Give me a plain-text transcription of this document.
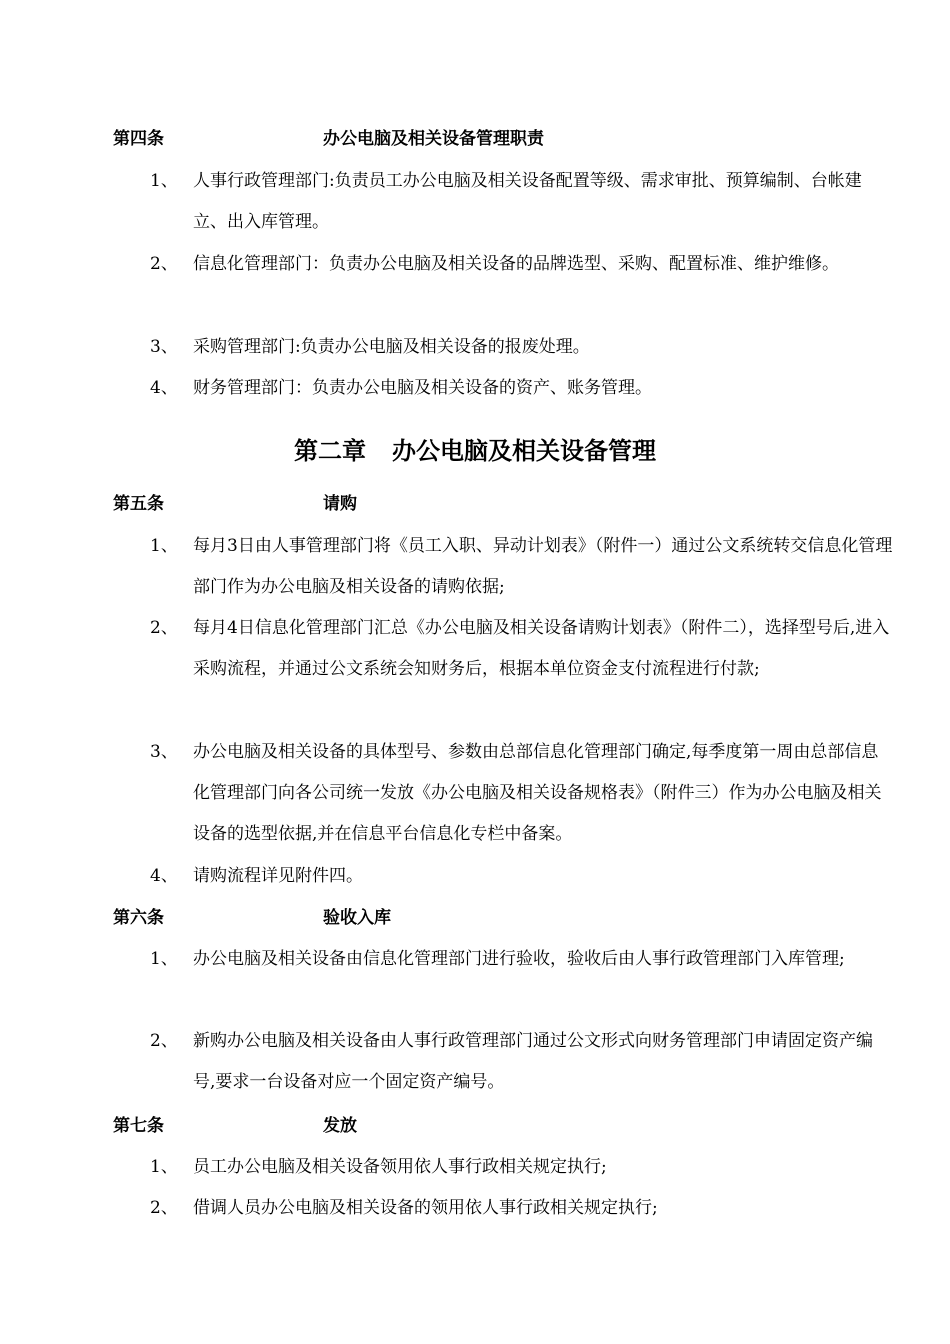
第四条	办公电脑及相关设备管理职责
1、 人事行政管理部门:负责员工办公电脑及相关设备配置等级、需求审批、预算编制、台帐建立、出入库管理。
2、 信息化管理部门：负责办公电脑及相关设备的品牌选型、采购、配置标准、维护维修。
3、 采购管理部门:负责办公电脑及相关设备的报废处理。
4、 财务管理部门：负责办公电脑及相关设备的资产、账务管理。
第二章 办公电脑及相关设备管理
第五条	请购
1、 每月3日由人事管理部门将《员工入职、异动计划表》（附件一）通过公文系统转交信息化管理部门作为办公电脑及相关设备的请购依据;
2、 每月4日信息化管理部门汇总《办公电脑及相关设备请购计划表》（附件二），选择型号后,进入采购流程，并通过公文系统会知财务后，根据本单位资金支付流程进行付款;
3、 办公电脑及相关设备的具体型号、参数由总部信息化管理部门确定,每季度第一周由总部信息化管理部门向各公司统一发放《办公电脑及相关设备规格表》（附件三）作为办公电脑及相关设备的选型依据,并在信息平台信息化专栏中备案。
4、 请购流程详见附件四。
第六条	验收入库
1、 办公电脑及相关设备由信息化管理部门进行验收，验收后由人事行政管理部门入库管理;
2、 新购办公电脑及相关设备由人事行政管理部门通过公文形式向财务管理部门申请固定资产编号,要求一台设备对应一个固定资产编号。
第七条	发放
1、 员工办公电脑及相关设备领用依人事行政相关规定执行;
2、 借调人员办公电脑及相关设备的领用依人事行政相关规定执行;
